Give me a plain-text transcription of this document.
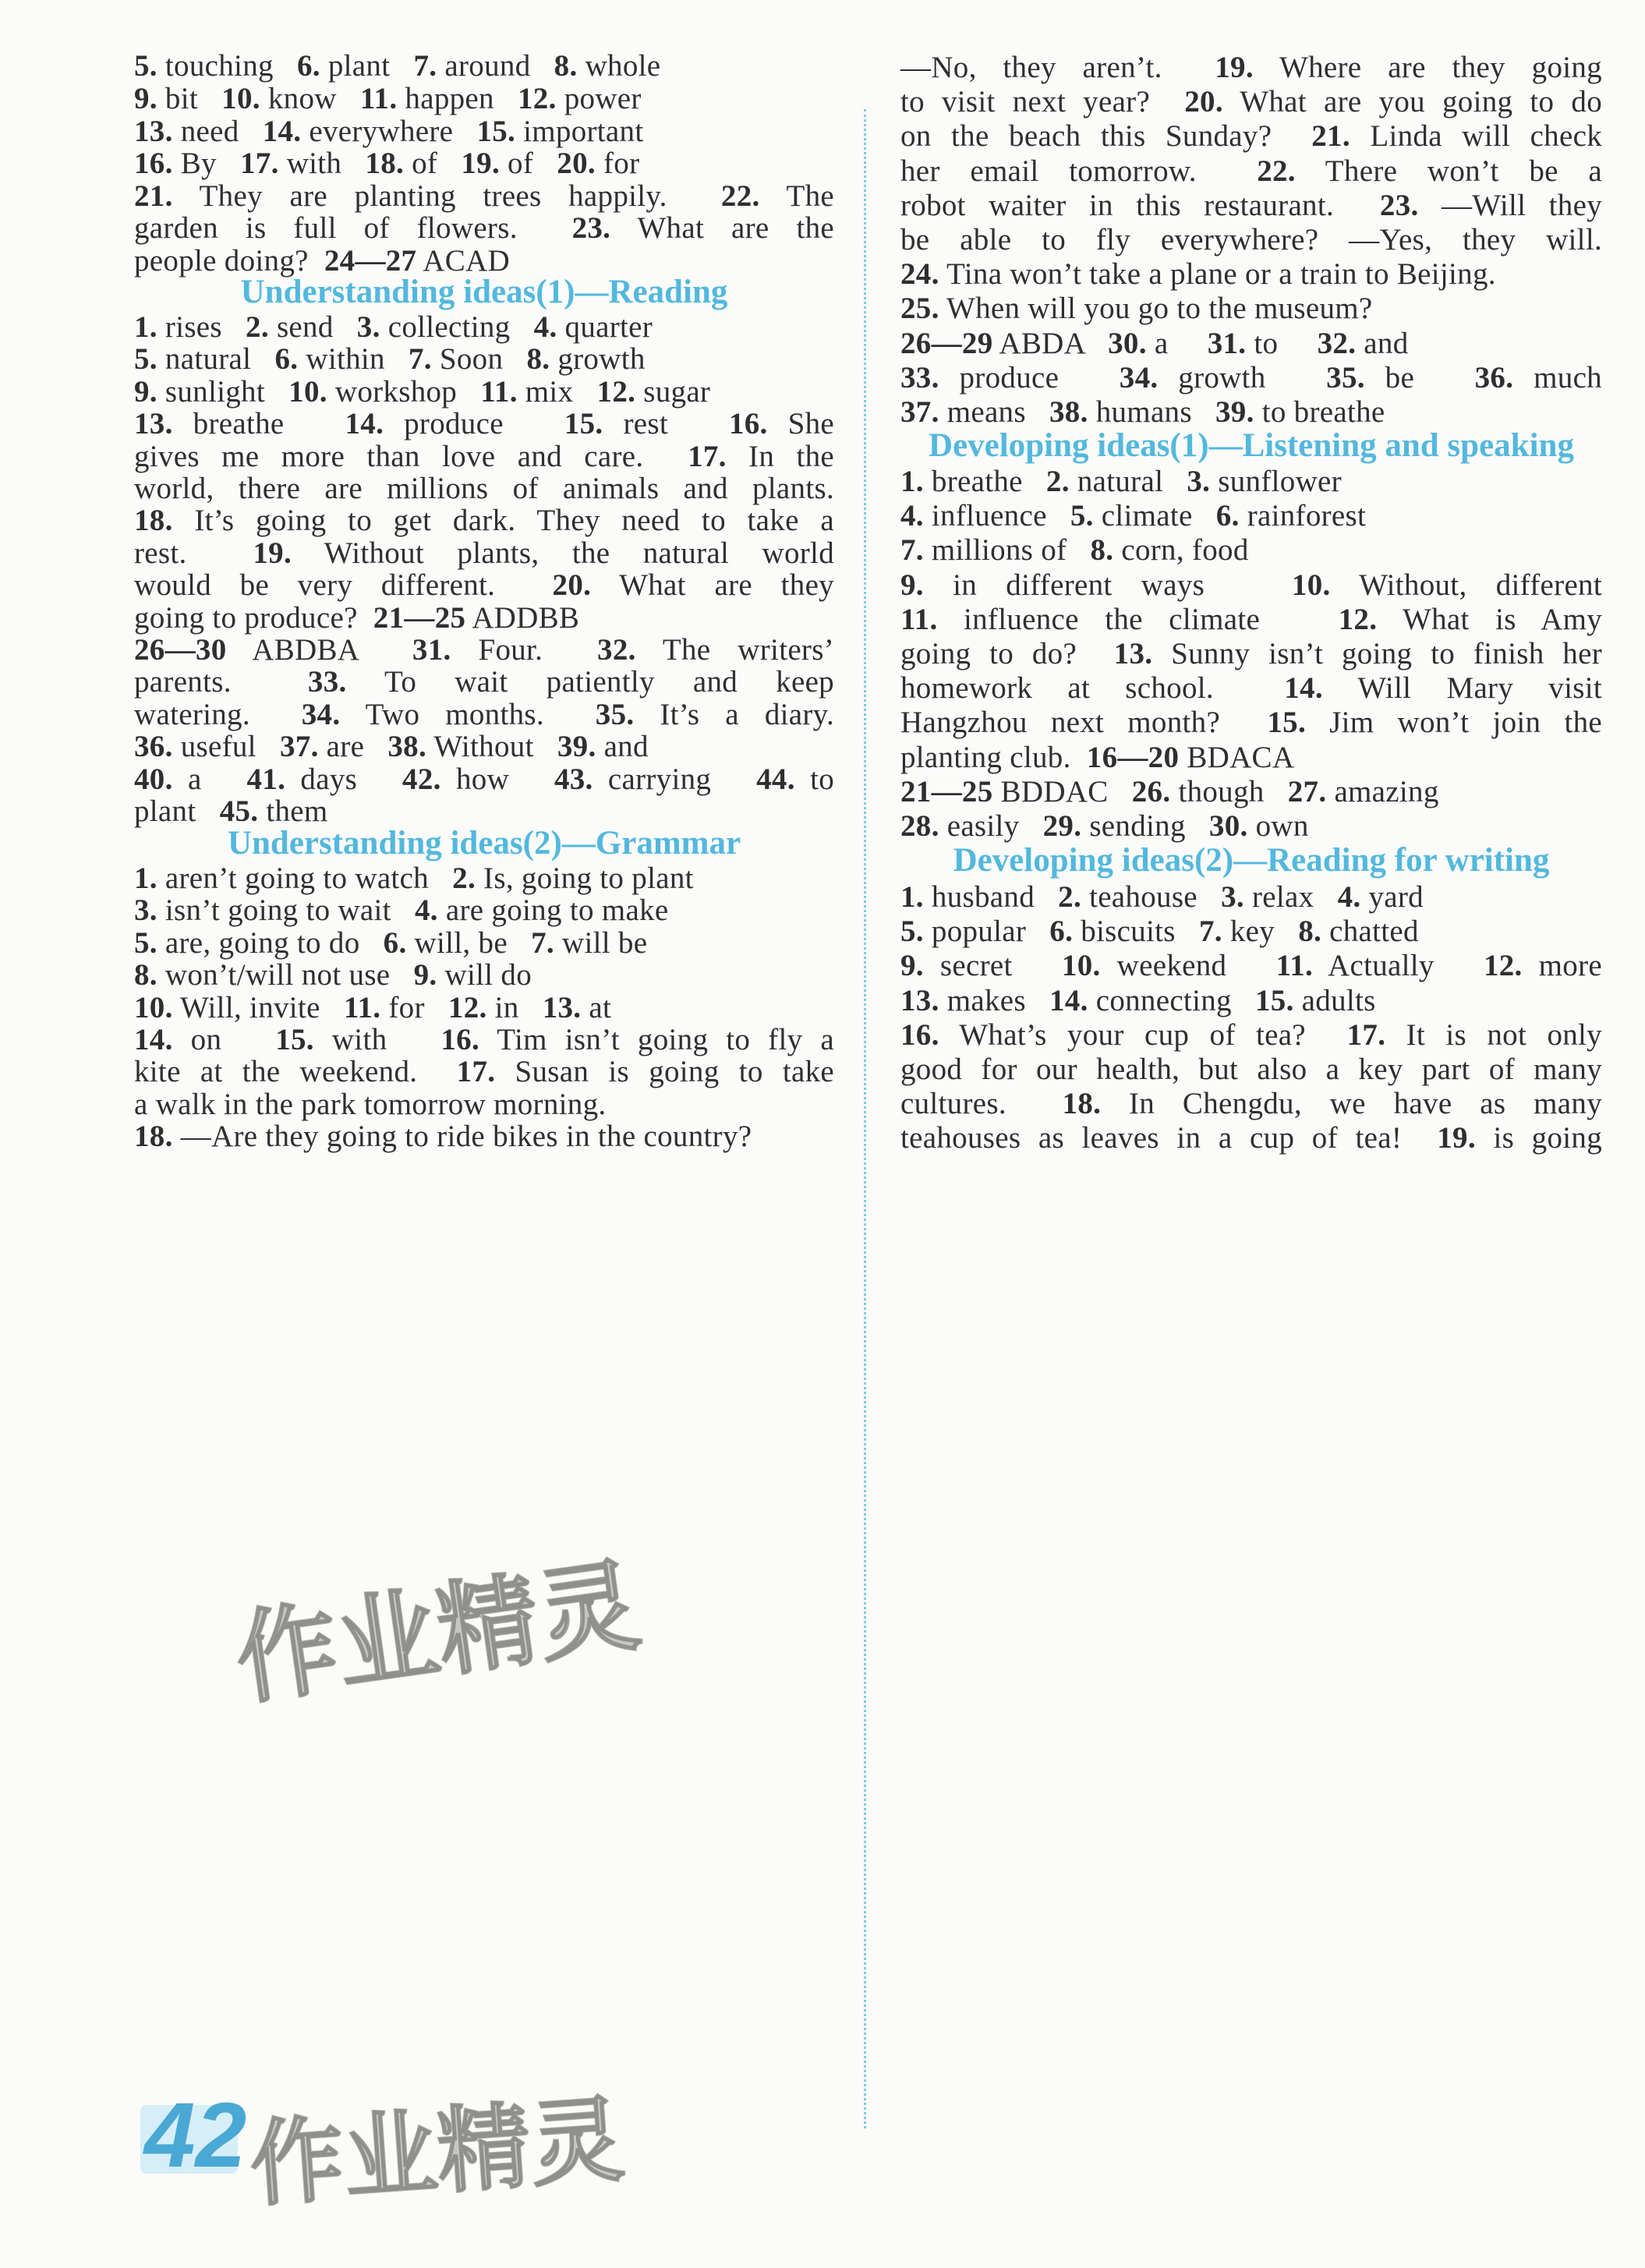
5. touching   6. plant   7. around   8. whole
9. bit   10. know   11. happen   12. power
13. need   14. everywhere   15. important
16. By   17. with   18. of   19. of   20. for
21. They are planting trees happily.  22. The
garden is full of flowers.  23. What are the
people doing?  24—27 ACAD
Understanding ideas(1)—Reading
1. rises   2. send   3. collecting   4. quarter
5. natural   6. within   7. Soon   8. growth
9. sunlight   10. workshop   11. mix   12. sugar
13. breathe   14. produce   15. rest   16. She
gives me more than love and care.  17. In the
world, there are millions of animals and plants.
18. It’s going to get dark. They need to take a
rest.  19. Without plants, the natural world
would be very different.  20. What are they
going to produce?  21—25 ADDBB
26—30 ABDBA  31. Four.  32. The writers’
parents.  33. To wait patiently and keep
watering.  34. Two months.  35. It’s a diary.
36. useful   37. are   38. Without   39. and
40. a   41. days   42. how   43. carrying   44. to
plant   45. them
Understanding ideas(2)—Grammar
1. aren’t going to watch   2. Is, going to plant
3. isn’t going to wait   4. are going to make
5. are, going to do   6. will, be   7. will be
8. won’t/will not use   9. will do
10. Will, invite   11. for   12. in   13. at
14. on   15. with   16. Tim isn’t going to fly a
kite at the weekend.  17. Susan is going to take
a walk in the park tomorrow morning.
18. —Are they going to ride bikes in the country?
—No, they aren’t.  19. Where are they going
to visit next year?  20. What are you going to do
on the beach this Sunday?  21. Linda will check
her email tomorrow.  22. There won’t be a
robot waiter in this restaurant.  23. —Will they
be able to fly everywhere? —Yes, they will.
24. Tina won’t take a plane or a train to Beijing.
25. When will you go to the museum?
26—29 ABDA   30. a     31. to     32. and
33. produce   34. growth   35. be   36. much
37. means   38. humans   39. to breathe
Developing ideas(1)—Listening and speaking
1. breathe   2. natural   3. sunflower
4. influence   5. climate   6. rainforest
7. millions of   8. corn, food
9. in different ways   10. Without, different
11. influence the climate   12. What is Amy
going to do?  13. Sunny isn’t going to finish her
homework at school.  14. Will Mary visit
Hangzhou next month?  15. Jim won’t join the
planting club.  16—20 BDACA
21—25 BDDAC   26. though   27. amazing
28. easily   29. sending   30. own
Developing ideas(2)—Reading for writing
1. husband   2. teahouse   3. relax   4. yard
5. popular   6. biscuits   7. key   8. chatted
9. secret   10. weekend   11. Actually   12. more
13. makes   14. connecting   15. adults
16. What’s your cup of tea?  17. It is not only
good for our health, but also a key part of many
cultures.  18. In Chengdu, we have as many
teahouses as leaves in a cup of tea!  19. is going
42
作业精灵
作业精灵
